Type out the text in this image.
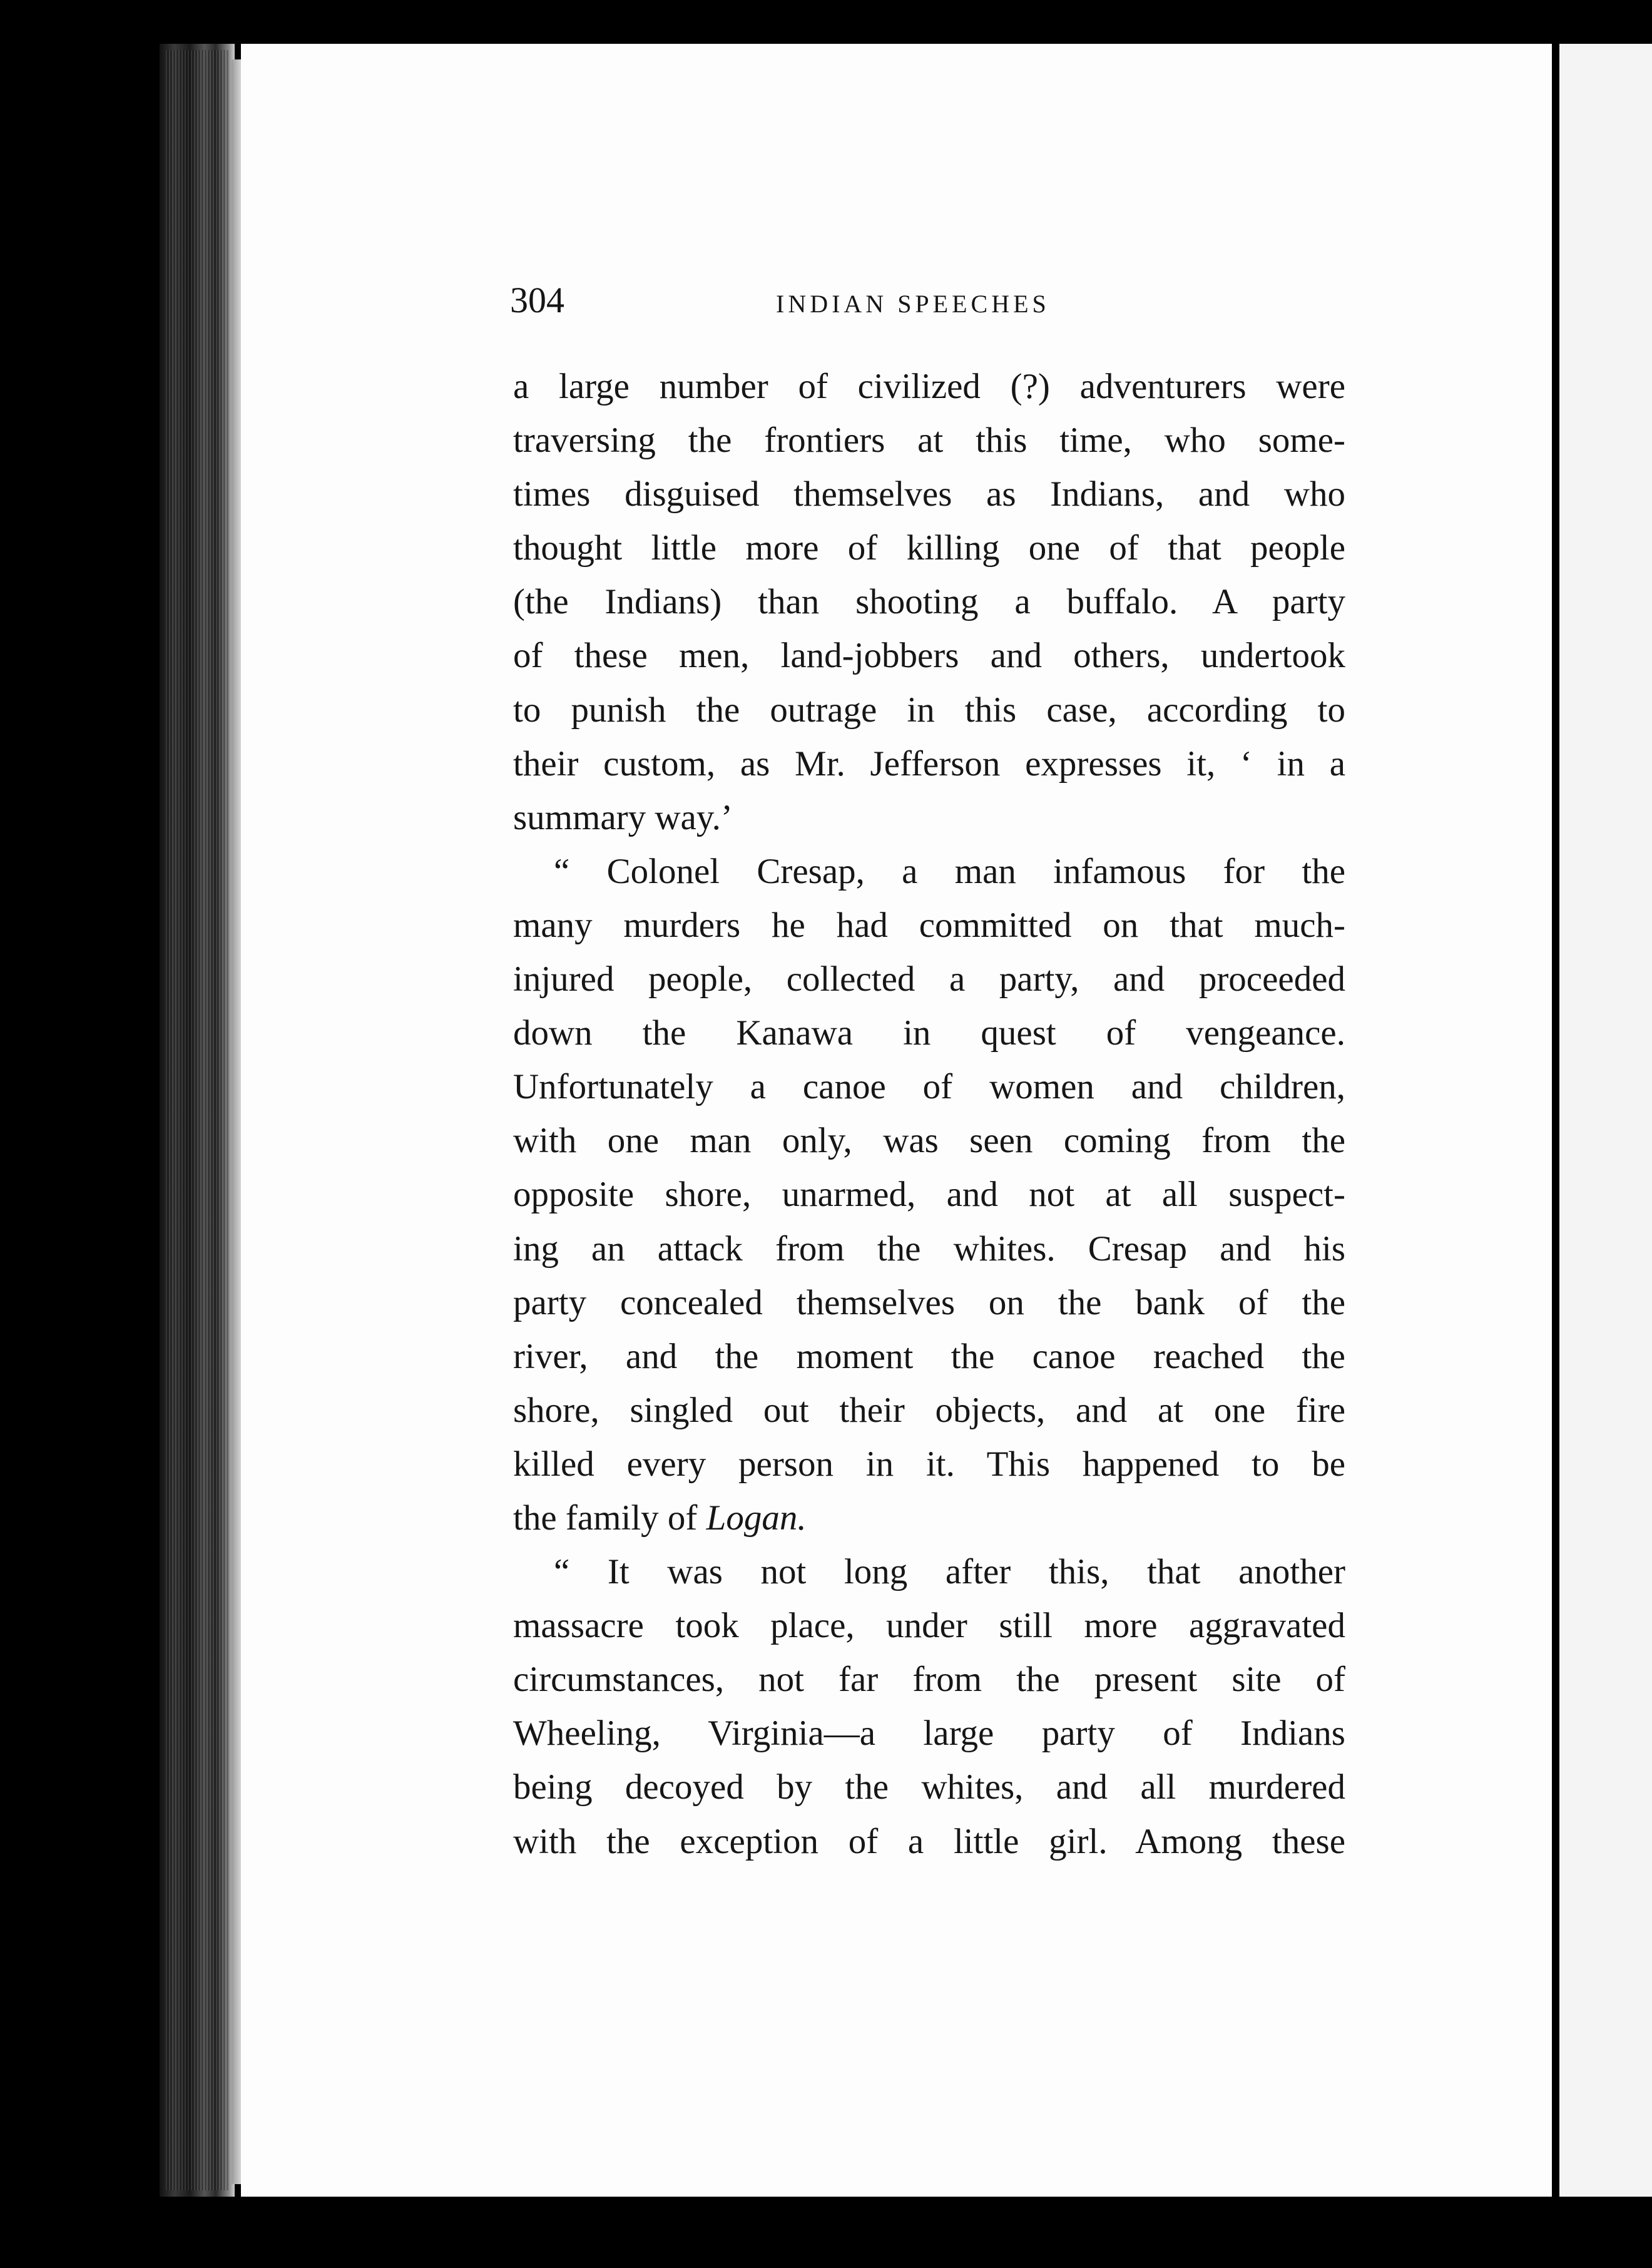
304	INDIAN SPEECHES
a large number of civilized (?) adventurers were
traversing the frontiers at this time, who some-
times disguised themselves as Indians, and who
thought little more of killing one of that people
(the Indians) than shooting a buffalo. A party
of these men, land-jobbers and others, undertook
to punish the outrage in this case, according to
their custom, as Mr. Jefferson expresses it, ‘ in a
summary way.’
“ Colonel Cresap, a man infamous for the
many murders he had committed on that much-
injured people, collected a party, and proceeded
down the Kanawa in quest of vengeance.
Unfortunately a canoe of women and children,
with one man only, was seen coming from the
opposite shore, unarmed, and not at all suspect-
ing an attack from the whites. Cresap and his
party concealed themselves on the bank of the
river, and the moment the canoe reached the
shore, singled out their objects, and at one fire
killed every person in it. This happened to be
the family of Logan.
“ It was not long after this, that another
massacre took place, under still more aggravated
circumstances, not far from the present site of
Wheeling, Virginia—a large party of Indians
being decoyed by the whites, and all murdered
with the exception of a little girl. Among these
